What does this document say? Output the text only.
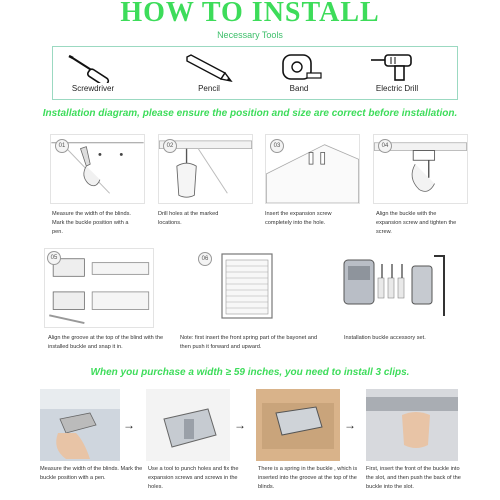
HOW TO INSTALL
Necessary Tools
Screwdriver	Pencil	Band	Electric Drill
Installation diagram, please ensure the position and size are correct before installation.
01
Measure the width of the blinds. Mark the buckle position with a pen.
02
Drill holes at the marked locations.
03
Insert the expansion screw completely into the hole.
04
Align the buckle with the expansion screw and tighten the screw.
05
Align the groove at the top of the blind with the installed buckle and snap it in.
06
Note: first insert the front spring part of the bayonet and then push it forward and upward.
Installation buckle accessory set.
When you purchase a width ≥ 59 inches, you need to install 3 clips.
→	→	→
Measure the width of the blinds. Mark the buckle position with a pen.
Use a tool to punch holes and fix the expansion screws and screws in the holes.
There is a spring in the buckle , which is inserted into the groove at the top of the blinds.
First, insert the front of the buckle into the slot, and then push the back of the buckle into the slot.
